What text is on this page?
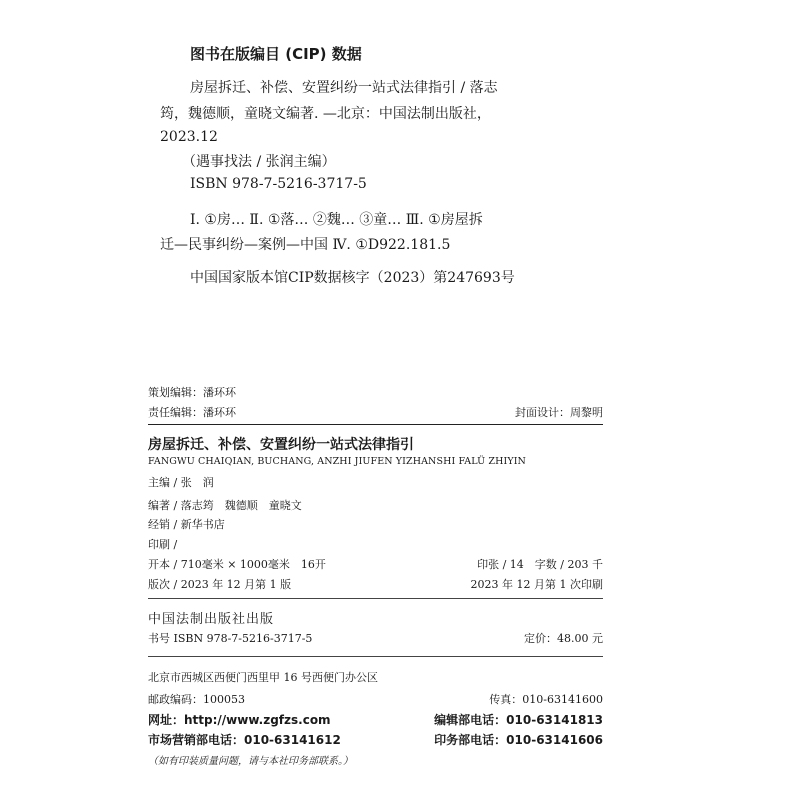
图书在版编目 (CIP) 数据
房屋拆迁、补偿、安置纠纷一站式法律指引 / 落志
筠，魏德顺，童晓文编著. —北京：中国法制出版社，
2023.12
（遇事找法 / 张润主编）
ISBN 978-7-5216-3717-5
Ⅰ. ①房… Ⅱ. ①落… ②魏… ③童… Ⅲ. ①房屋拆
迁—民事纠纷—案例—中国 Ⅳ. ①D922.181.5
中国国家版本馆CIP数据核字（2023）第247693号
策划编辑：潘环环
责任编辑：潘环环	封面设计：周黎明
房屋拆迁、补偿、安置纠纷一站式法律指引
FANGWU CHAIQIAN, BUCHANG, ANZHI JIUFEN YIZHANSHI FALÜ ZHIYIN
主编 / 张　润
编著 / 落志筠　魏德顺　童晓文
经销 / 新华书店
印刷 /
开本 / 710毫米 × 1000毫米　16开	印张 / 14　字数 / 203 千
版次 / 2023 年 12 月第 1 版	2023 年 12 月第 1 次印刷
中国法制出版社出版
书号 ISBN 978-7-5216-3717-5	定价：48.00 元
北京市西城区西便门西里甲 16 号西便门办公区
邮政编码：100053	传真：010-63141600
网址：http://www.zgfzs.com	编辑部电话：010-63141813
市场营销部电话：010-63141612	印务部电话：010-63141606
（如有印装质量问题，请与本社印务部联系。）
